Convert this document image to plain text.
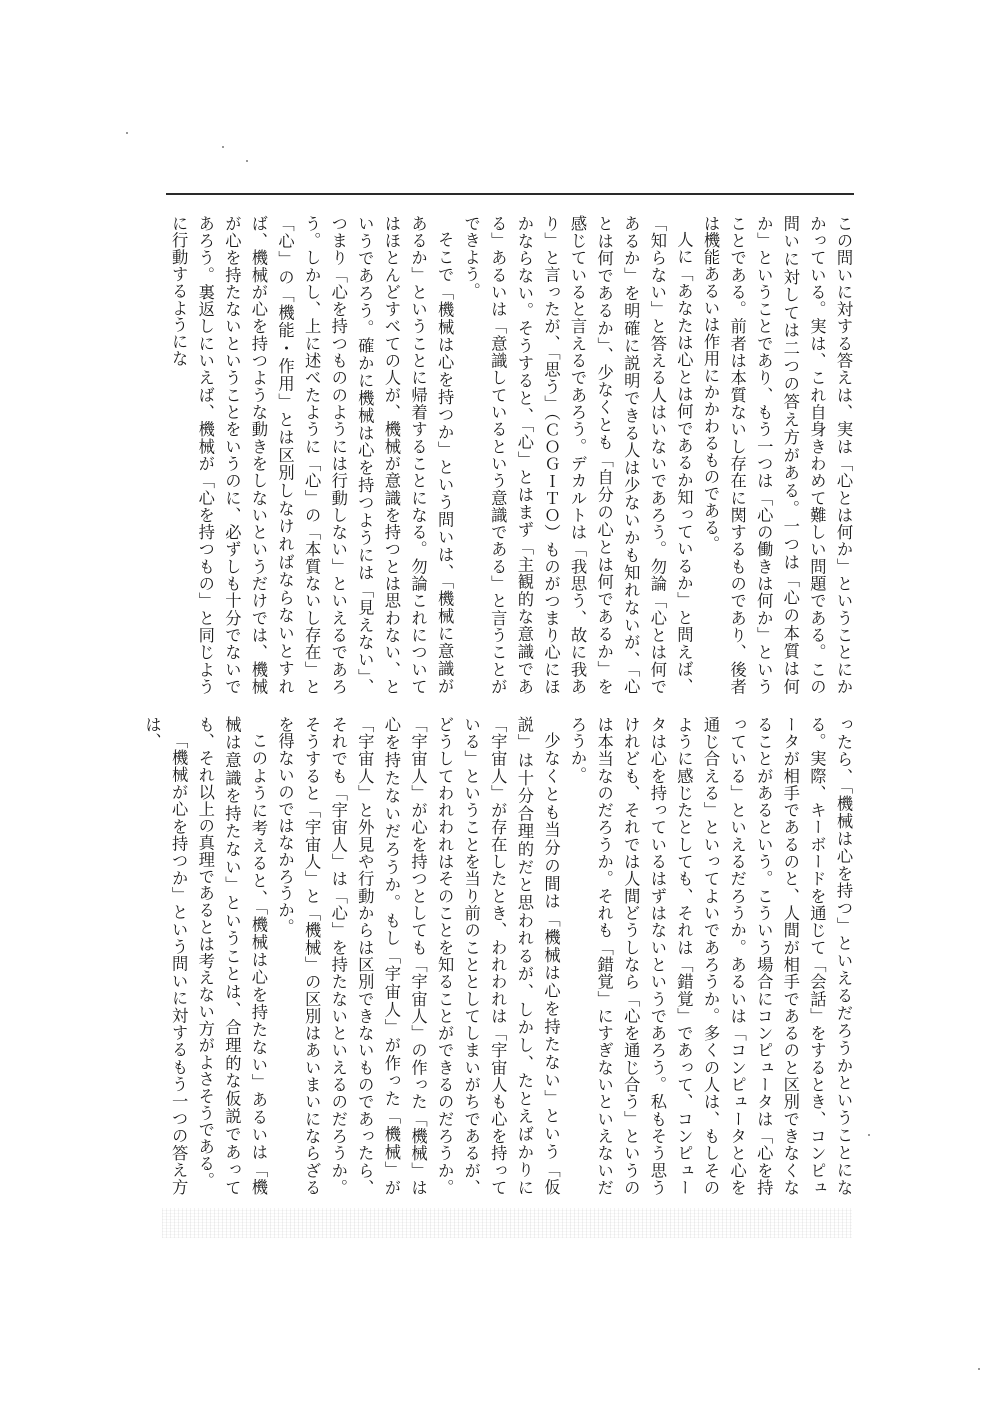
この問いに対する答えは、実は「心とは何か」ということにかかっている。実は、これ自身きわめて難しい問題である。この問いに対しては二つの答え方がある。一つは「心の本質は何か」ということであり、もう一つは「心の働きは何か」ということである。前者は本質ないし存在に関するものであり、後者は機能あるいは作用にかかわるものである。

人に「あなたは心とは何であるか知っているか」と問えば、「知らない」と答える人はいないであろう。勿論「心とは何であるか」を明確に説明できる人は少ないかも知れないが、「心とは何であるか」、少なくとも「自分の心とは何であるか」を感じていると言えるであろう。デカルトは「我思う、故に我あり」と言ったが、「思う」（ＣＯＧＩＴＯ）ものがつまり心にほかならない。そうすると、「心」とはまず「主観的な意識である」あるいは「意識しているという意識である」と言うことができよう。

そこで「機械は心を持つか」という問いは、「機械に意識があるか」ということに帰着することになる。勿論これについてはほとんどすべての人が、機械が意識を持つとは思わない、というであろう。確かに機械は心を持つようには「見えない」、つまり「心を持つもののようには行動しない」といえるであろう。しかし、上に述べたように「心」の「本質ないし存在」と「心」の「機能・作用」とは区別しなければならないとすれば、機械が心を持つような動きをしないというだけでは、機械が心を持たないということをいうのに、必ずしも十分でないであろう。裏返しにいえば、機械が「心を持つもの」と同じように行動するようにな

ったら、「機械は心を持つ」といえるだろうかということになる。実際、キーボードを通じて「会話」をするとき、コンピュータが相手であるのと、人間が相手であるのと区別できなくなることがあるという。こういう場合にコンピュータは「心を持っている」といえるだろうか。あるいは「コンピュータと心を通じ合える」といってよいであろうか。多くの人は、もしそのように感じたとしても、それは「錯覚」であって、コンピュータは心を持っているはずはないというであろう。私もそう思うけれども、それでは人間どうしなら「心を通じ合う」というのは本当なのだろうか。それも「錯覚」にすぎないといえないだろうか。

少なくとも当分の間は「機械は心を持たない」という「仮説」は十分合理的だと思われるが、しかし、たとえばかりに「宇宙人」が存在したとき、われわれは「宇宙人も心を持っている」ということを当り前のこととしてしまいがちであるが、どうしてわれわれはそのことを知ることができるのだろうか。「宇宙人」が心を持つとしても「宇宙人」の作った「機械」は心を持たないだろうか。もし「宇宙人」が作った「機械」が「宇宙人」と外見や行動からは区別できないものであったら、それでも「宇宙人」は「心」を持たないといえるのだろうか。そうすると「宇宙人」と「機械」の区別はあいまいにならざるを得ないのではなかろうか。

このように考えると、「機械は心を持たない」あるいは「機械は意識を持たない」ということは、合理的な仮説であっても、それ以上の真理であるとは考えない方がよさそうである。

「機械が心を持つか」という問いに対するもう一つの答え方は、
